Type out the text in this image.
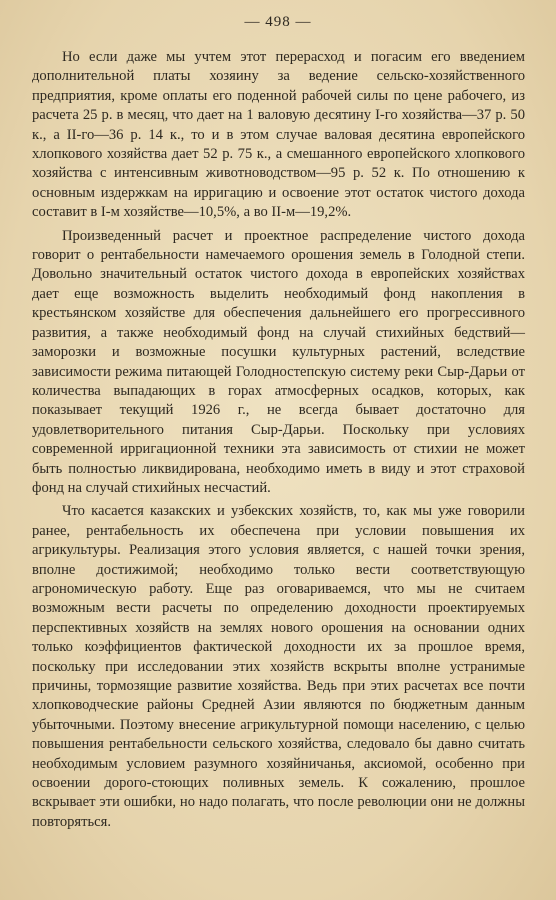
— 498 —

Но если даже мы учтем этот перерасход и погасим его введением дополнительной платы хозяину за ведение сельско-хозяйственного предприятия, кроме оплаты его поденной рабочей силы по цене рабочего, из расчета 25 р. в месяц, что дает на 1 валовую десятину I-го хозяйства—37 р. 50 к., а II-го—36 р. 14 к., то и в этом случае валовая десятина европейского хлопкового хозяйства дает 52 р. 75 к., а смешанного европейского хлопкового хозяйства с интенсивным животноводством—95 р. 52 к. По отношению к основным издержкам на ирригацию и освоение этот остаток чистого дохода составит в I-м хозяйстве—10,5%, а во II-м—19,2%.

Произведенный расчет и проектное распределение чистого дохода говорит о рентабельности намечаемого орошения земель в Голодной степи. Довольно значительный остаток чистого дохода в европейских хозяйствах дает еще возможность выделить необходимый фонд накопления в крестьянском хозяйстве для обеспечения дальнейшего его прогрессивного развития, а также необходимый фонд на случай стихийных бедствий—заморозки и возможные посушки культурных растений, вследствие зависимости режима питающей Голодностепскую систему реки Сыр-Дарьи от количества выпадающих в горах атмосферных осадков, которых, как показывает текущий 1926 г., не всегда бывает достаточно для удовлетворительного питания Сыр-Дарьи. Поскольку при условиях современной ирригационной техники эта зависимость от стихии не может быть полностью ликвидирована, необходимо иметь в виду и этот страховой фонд на случай стихийных несчастий.

Что касается казакских и узбекских хозяйств, то, как мы уже говорили ранее, рентабельность их обеспечена при условии повышения их агрикультуры. Реализация этого условия является, с нашей точки зрения, вполне достижимой; необходимо только вести соответствующую агрономическую работу. Еще раз оговариваемся, что мы не считаем возможным вести расчеты по определению доходности проектируемых перспективных хозяйств на землях нового орошения на основании одних только коэффициентов фактической доходности их за прошлое время, поскольку при исследовании этих хозяйств вскрыты вполне устранимые причины, тормозящие развитие хозяйства. Ведь при этих расчетах все почти хлопководческие районы Средней Азии являются по бюджетным данным убыточными. Поэтому внесение агрикультурной помощи населению, с целью повышения рентабельности сельского хозяйства, следовало бы давно считать необходимым условием разумного хозяйничанья, аксиомой, особенно при освоении дорого-стоющих поливных земель. К сожалению, прошлое вскрывает эти ошибки, но надо полагать, что после революции они не должны повторяться.
